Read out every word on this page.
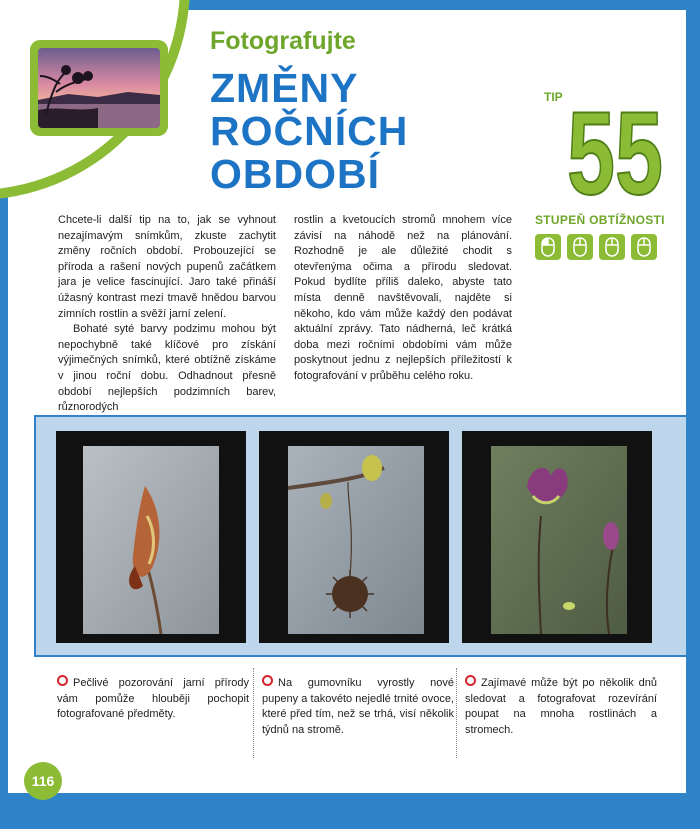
Fotografujte
ZMĚNY
ROČNÍCH
OBDOBÍ
TIP 55
STUPEŇ OBTÍŽNOSTI

Chcete-li další tip na to, jak se vyhnout nezajímavým snímkům, zkuste zachytit změny ročních období. Probouzející se příroda a rašení nových pupenů začátkem jara je velice fascinující. Jaro také přináší úžasný kontrast mezi tmavě hnědou barvou zimních rostlin a svěží jarní zelení.

Bohaté syté barvy podzimu mohou být nepochybně také klíčové pro získání výjimečných snímků, které obtížně získáme v jinou roční dobu. Odhadnout přesně období nejlepších podzimních barev, různorodých

rostlin a kvetoucích stromů mnohem více závisí na náhodě než na plánování. Rozhodně je ale důležité chodit s otevřenýma očima a přírodu sledovat. Pokud bydlíte příliš daleko, abyste tato místa denně navštěvovali, najděte si někoho, kdo vám může každý den podávat aktuální zprávy. Tato nádherná, leč krátká doba mezi ročními obdobími vám může poskytnout jednu z nejlepších příležitostí k fotografování v průběhu celého roku.

Pečlivé pozorování jarní přírody vám pomůže hlouběji pochopit fotografované předměty.
Na gumovníku vyrostly nové pupeny a takovéto nejedlé trnité ovoce, které před tím, než se trhá, visí několik týdnů na stromě.
Zajímavé může být po několik dnů sledovat a fotografovat rozevírání poupat na mnoha rostlinách a stromech.
116
